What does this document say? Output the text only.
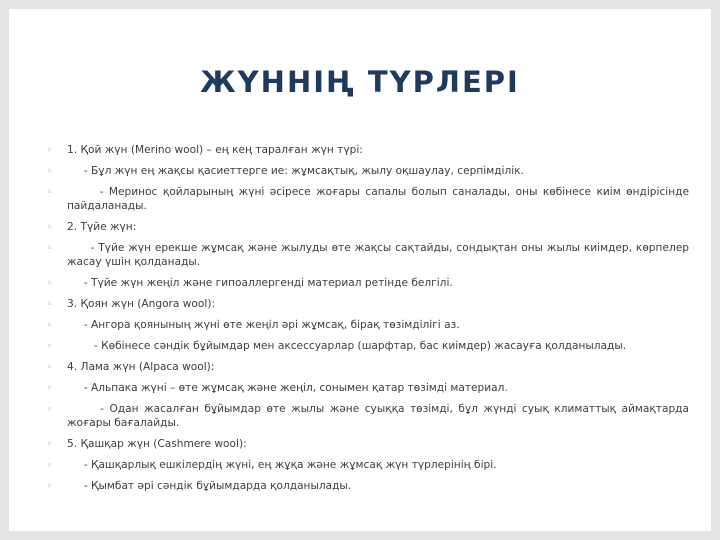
ЖҮННІҢ ТҮРЛЕРІ
◦ 1. Қой жүн (Merino wool) – ең кең таралған жүн түрі:
◦ - Бұл жүн ең жақсы қасиеттерге ие: жұмсақтық, жылу оқшаулау, серпімділік.
◦ - Меринос қойларының жүні әсіресе жоғары сапалы болып саналады, оны көбінесе киім өндірісінде пайдаланады.
◦ 2. Түйе жүн:
◦ - Түйе жүн ерекше жұмсақ және жылуды өте жақсы сақтайды, сондықтан оны жылы киімдер, көрпелер жасау үшін қолданады.
◦ - Түйе жүн жеңіл және гипоаллергенді материал ретінде белгілі.
◦ 3. Қоян жүн (Angora wool):
◦ - Ангора қоянының жүні өте жеңіл әрі жұмсақ, бірақ төзімділігі аз.
◦ - Көбінесе сәндік бұйымдар мен аксессуарлар (шарфтар, бас киімдер) жасауға қолданылады.
◦ 4. Лама жүн (Alpaca wool):
◦ - Альпака жүні – өте жұмсақ және жеңіл, сонымен қатар төзімді материал.
◦ - Одан жасалған бұйымдар өте жылы және суыққа төзімді, бұл жүнді суық климаттық аймақтарда жоғары бағалайды.
◦ 5. Қашқар жүн (Cashmere wool):
◦ - Қашқарлық ешкілердің жүні, ең жұқа және жұмсақ жүн түрлерінің бірі.
◦ - Қымбат әрі сәндік бұйымдарда қолданылады.
